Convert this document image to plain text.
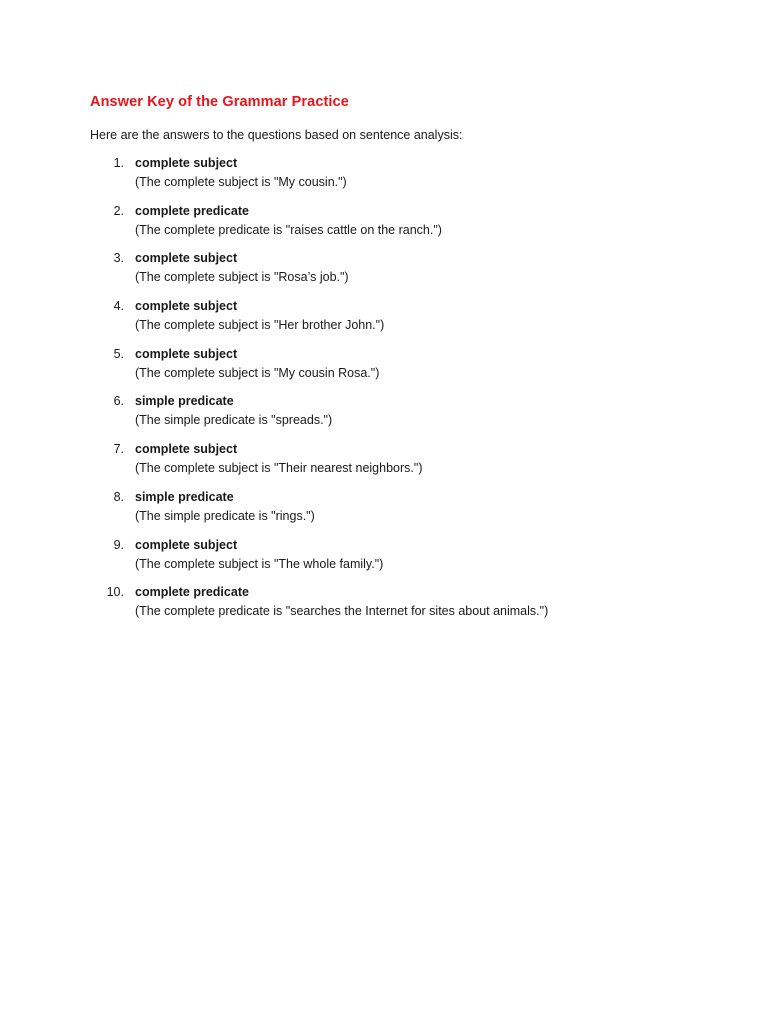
Answer Key of the Grammar Practice
Here are the answers to the questions based on sentence analysis:
1. complete subject
(The complete subject is "My cousin.")
2. complete predicate
(The complete predicate is "raises cattle on the ranch.")
3. complete subject
(The complete subject is "Rosa’s job.")
4. complete subject
(The complete subject is "Her brother John.")
5. complete subject
(The complete subject is "My cousin Rosa.")
6. simple predicate
(The simple predicate is "spreads.")
7. complete subject
(The complete subject is "Their nearest neighbors.")
8. simple predicate
(The simple predicate is "rings.")
9. complete subject
(The complete subject is "The whole family.")
10. complete predicate
(The complete predicate is "searches the Internet for sites about animals.")
